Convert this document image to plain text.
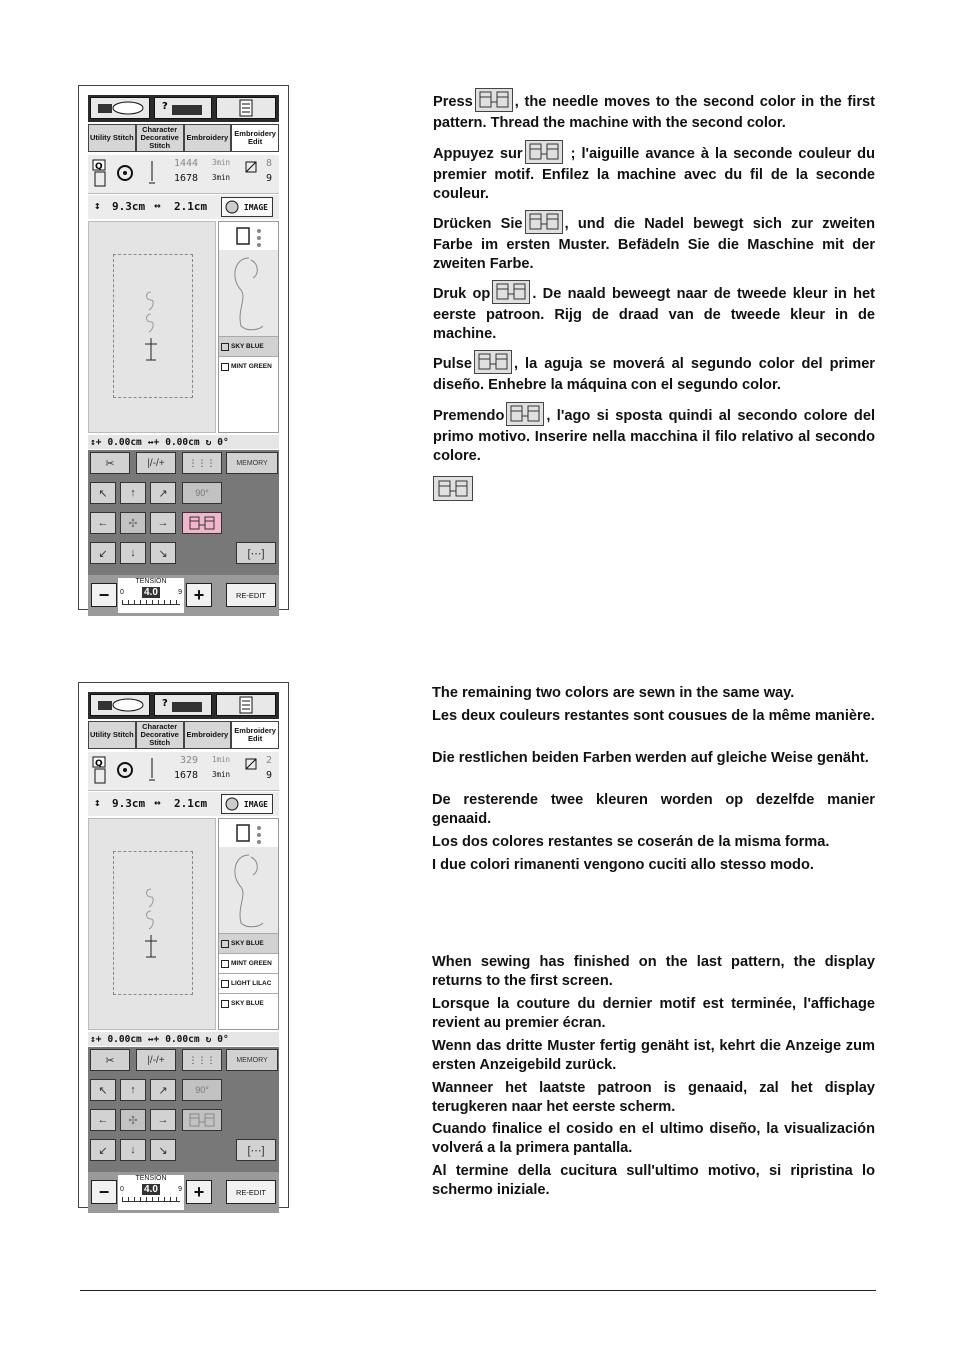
?
Utility Stitch
Character Decorative Stitch
Embroidery Embroidery Edit
Q	1444
1678
3min
3min
8
9
↕ 9.3cm ↔ 2.1cm	IMAGE
SKY BLUE
MINT GREEN
↕+ 0.00cm ↔+ 0.00cm ↻ 0°
✂	|/-/+	⋮⋮⋮	MEMORY
↖ ↑ ↗	90°
← ✣ →
↙ ↓ ↘	[⋯]
−
TENSION
0 4.0	9 +	RE-EDIT
?
Utility Stitch
Character Decorative Stitch
Embroidery Embroidery Edit
Q	329
1678
1min
3min
2
9
↕ 9.3cm ↔ 2.1cm	IMAGE
SKY BLUE
MINT GREEN
LIGHT LILAC
SKY BLUE
↕+ 0.00cm ↔+ 0.00cm ↻ 0°
✂	|/-/+	⋮⋮⋮	MEMORY
↖ ↑ ↗	90°
← ✣ →
↙ ↓ ↘	[⋯]
−
TENSION
0 4.0	9 +	RE-EDIT
Press	, the needle moves to the second color in the first pattern. Thread the machine with the second color.
Appuyez sur	; l'aiguille avance à la seconde couleur du premier motif. Enfilez la machine avec du fil de la seconde couleur.
Drücken Sie	, und die Nadel bewegt sich zur zweiten Farbe im ersten Muster. Befädeln Sie die Maschine mit der zweiten Farbe.
Druk op	. De naald beweegt naar de tweede kleur in het eerste patroon. Rijg de draad van de tweede kleur in de machine.
Pulse	, la aguja se moverá al segundo color del primer diseño. Enhebre la máquina con el segundo color.
Premendo	, l'ago si sposta quindi al secondo colore del primo motivo. Inserire nella macchina il filo relativo al secondo colore.
The remaining two colors are sewn in the same way.
Les deux couleurs restantes sont cousues de la même manière.
Die restlichen beiden Farben werden auf gleiche Weise genäht.
De resterende twee kleuren worden op dezelfde manier genaaid.
Los dos colores restantes se coserán de la misma forma.
I due colori rimanenti vengono cuciti allo stesso modo.
When sewing has finished on the last pattern, the display returns to the first screen.
Lorsque la couture du dernier motif est terminée, l'affichage revient au premier écran.
Wenn das dritte Muster fertig genäht ist, kehrt die Anzeige zum ersten Anzeigebild zurück.
Wanneer het laatste patroon is genaaid, zal het display terugkeren naar het eerste scherm.
Cuando finalice el cosido en el ultimo diseño, la visualización volverá a la primera pantalla.
Al termine della cucitura sull'ultimo motivo, si ripristina lo schermo iniziale.
